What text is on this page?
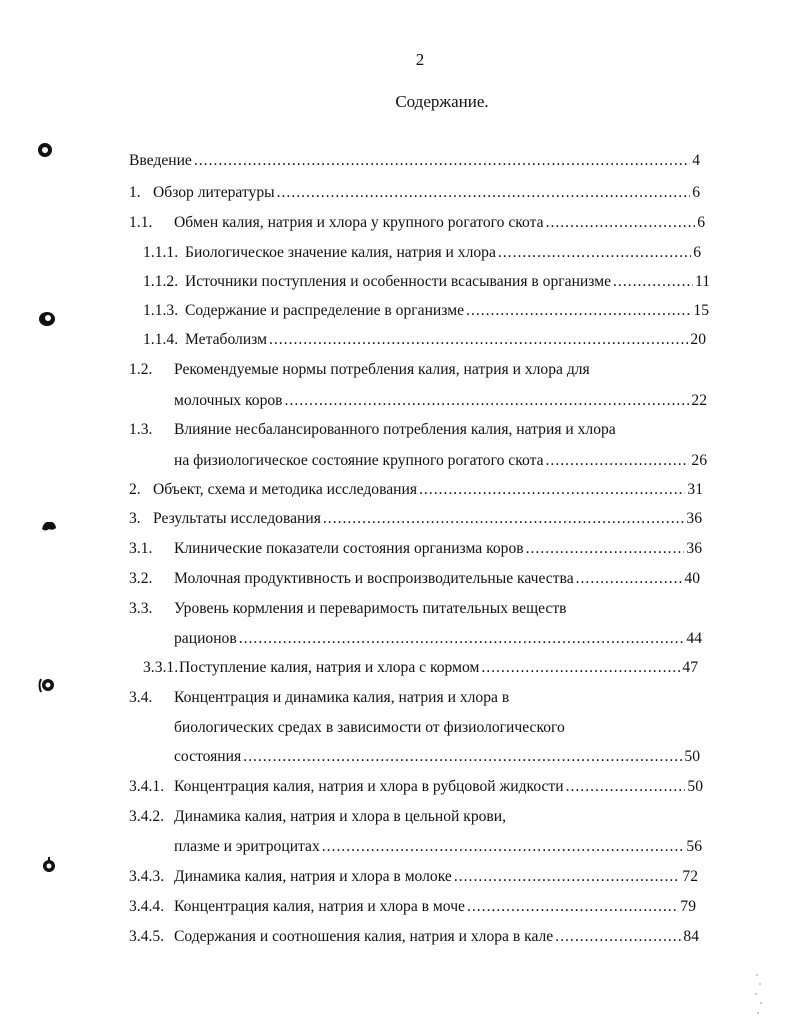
2
Содержание.
Введение .....	4
1. Обзор литературы .....	6
1.1.	Обмен калия, натрия и хлора у крупного рогатого скота .....	6
1.1.1. Биологическое значение калия, натрия и хлора .....	6
1.1.2. Источники поступления и особенности всасывания в организме .....	11
1.1.3. Содержание и распределение в организме .....	15
1.1.4. Метаболизм .....	20
1.2.	Рекомендуемые нормы потребления калия, натрия и хлора для
молочных коров .....	22
1.3.	Влияние несбалансированного потребления калия, натрия и хлора
на физиологическое состояние крупного рогатого скота .....	26
2. Объект, схема и методика исследования .....	31
3. Результаты исследования .....	36
3.1.	Клинические показатели состояния организма коров .....	36
3.2.	Молочная продуктивность и воспроизводительные качества .....	40
3.3.	Уровень кормления и переваримость питательных веществ
рационов .....	44
3.3.1. Поступление калия, натрия и хлора с кормом .....	47
3.4.	Концентрация и динамика калия, натрия и хлора в
биологических средах в зависимости от физиологического
состояния .....	50
3.4.1. Концентрация калия, натрия и хлора в рубцовой жидкости .....	50
3.4.2. Динамика калия, натрия и хлора в цельной крови,
плазме и эритроцитах .....	56
3.4.3. Динамика калия, натрия и хлора в молоке .....	72
3.4.4. Концентрация калия, натрия и хлора в моче .....	79
3.4.5. Содержания и соотношения калия, натрия и хлора в кале .....	84
